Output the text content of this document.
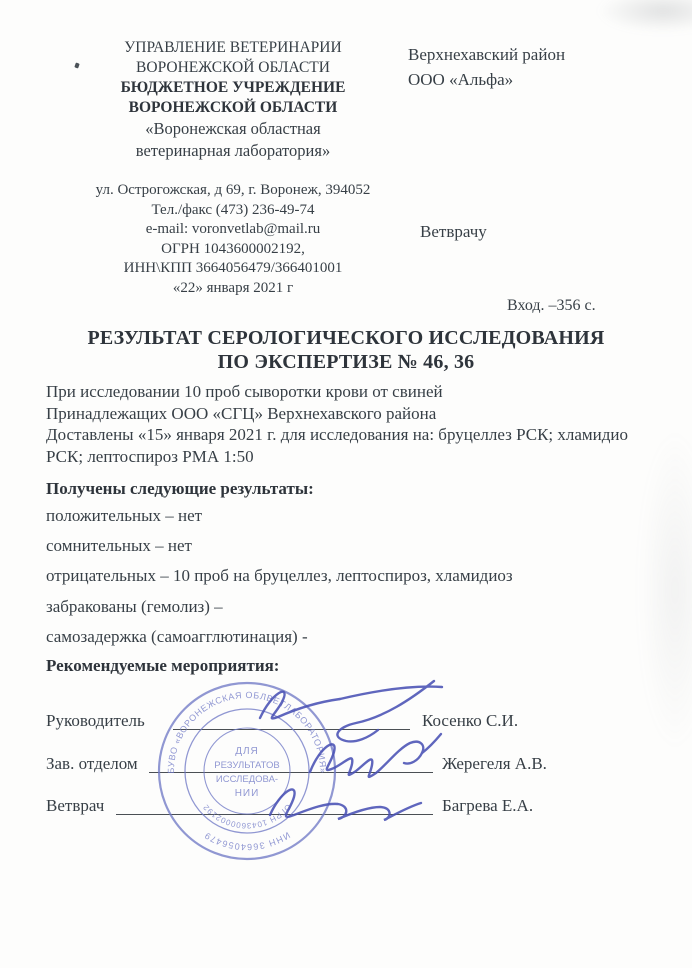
УПРАВЛЕНИЕ ВЕТЕРИНАРИИ
ВОРОНЕЖСКОЙ ОБЛАСТИ
БЮДЖЕТНОЕ УЧРЕЖДЕНИЕ
ВОРОНЕЖСКОЙ ОБЛАСТИ
«Воронежская областная
ветеринарная лаборатория»
Верхнехавский район
ООО «Альфа»
ул. Острогожская, д 69, г. Воронеж, 394052
Тел./факс (473) 236-49-74
e-mail: voronvetlab@mail.ru
ОГРН 1043600002192,
ИНН\КПП 3664056479/366401001
«22» января 2021 г
Ветврачу
Вход. –356 с.
РЕЗУЛЬТАТ СЕРОЛОГИЧЕСКОГО ИССЛЕДОВАНИЯ
ПО ЭКСПЕРТИЗЕ № 46, 36
При исследовании 10 проб сыворотки крови от свиней
Принадлежащих ООО «СГЦ» Верхнехавского района
Доставлены «15» января 2021 г. для исследования на: бруцеллез РСК; хламидио
РСК; лептоспироз РМА 1:50
Получены следующие результаты:
положительных – нет
сомнительных – нет
отрицательных – 10 проб на бруцеллез, лептоспироз, хламидиоз
забракованы (гемолиз) –
самозадержка (самоагглютинация) -
Рекомендуемые мероприятия:
Руководитель	Косенко С.И.
Зав. отделом	Жерегеля А.В.
Ветврач	Багрева Е.А.
БУВО «ВОРОНЕЖСКАЯ ОБЛВЕТЛАБОРАТОРИЯ»
ИНН 3664056479
ОГРН 1043600002192
ДЛЯ
РЕЗУЛЬТАТОВ
ИССЛЕДОВА-
НИИ
